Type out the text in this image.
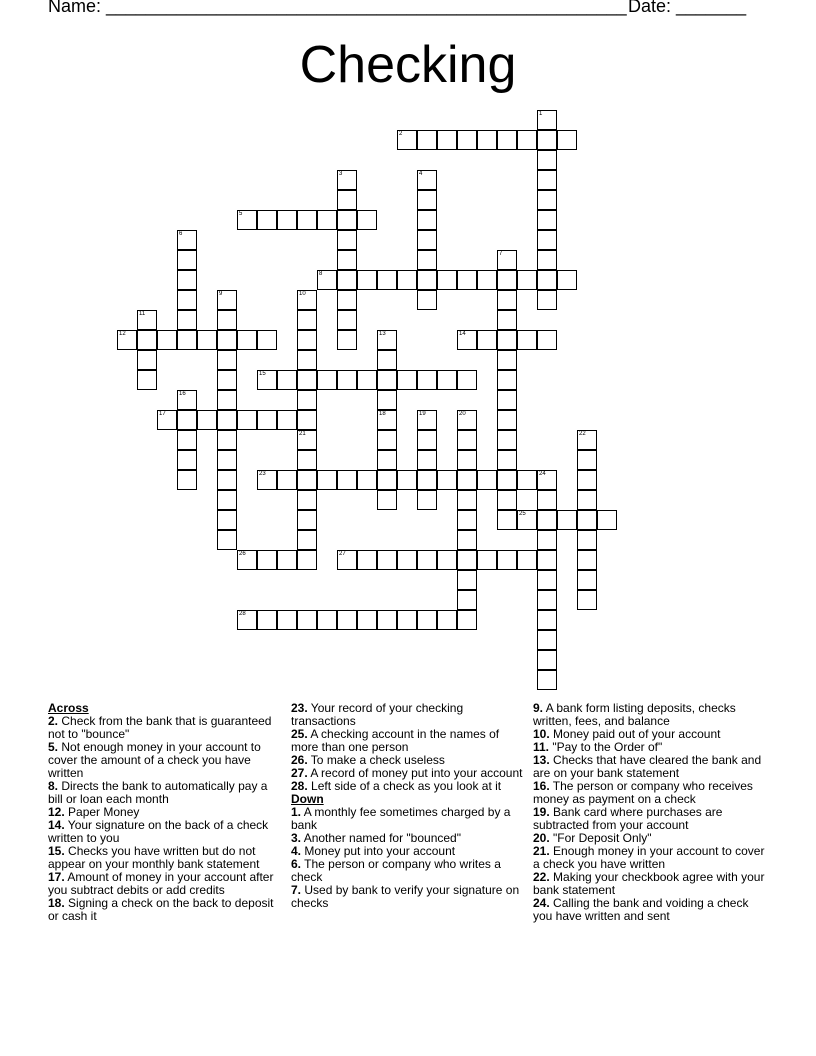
Name: ____________________________________________________ Date: _______
Checking
1
2
3	4
5
6
7
8
9	10
11
12	13
18
14
15
16
17	19	20
21	22
23	24
25
26	27
28

Across

2. Check from the bank that is guaranteed not to "bounce"

5. Not enough money in your account to cover the amount of a check you have written

8. Directs the bank to automatically pay a bill or loan each month

12. Paper Money

14. Your signature on the back of a check written to you

15. Checks you have written but do not appear on your monthly bank statement

17. Amount of money in your account after you subtract debits or add credits

18. Signing a check on the back to deposit or cash it

23. Your record of your checking transactions

25. A checking account in the names of more than one person

26. To make a check useless

27. A record of money put into your account

28. Left side of a check as you look at it

Down

1. A monthly fee sometimes charged by a bank

3. Another named for "bounced"

4. Money put into your account

6. The person or company who writes a check

7. Used by bank to verify your signature on checks

9. A bank form listing deposits, checks written, fees, and balance

10. Money paid out of your account

11. "Pay to the Order of"

13. Checks that have cleared the bank and are on your bank statement

16. The person or company who receives money as payment on a check

19. Bank card where purchases are subtracted from your account

20. "For Deposit Only"

21. Enough money in your account to cover a check you have written

22. Making your checkbook agree with your bank statement

24. Calling the bank and voiding a check you have written and sent
